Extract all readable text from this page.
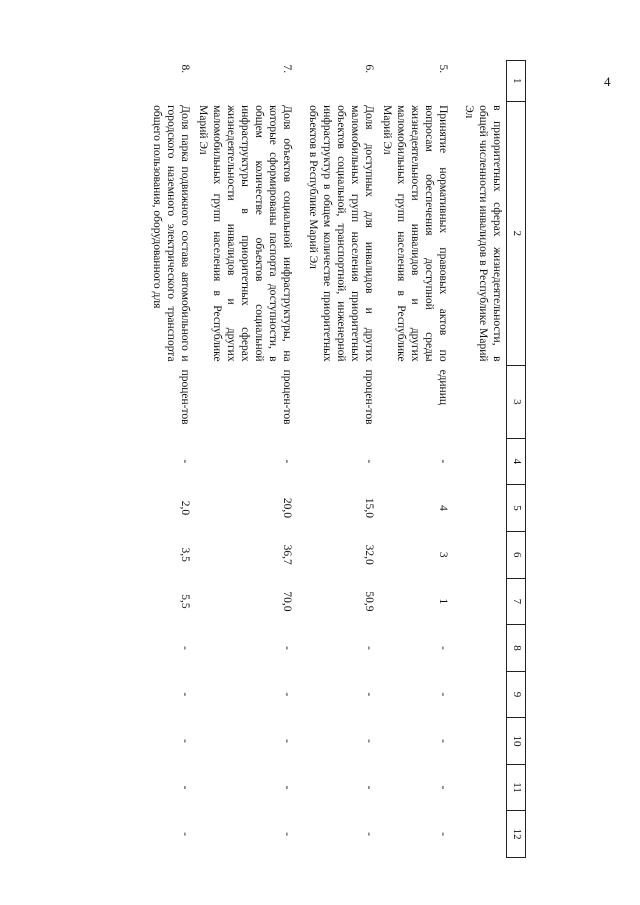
4
1	2	3	4	5	6	7	8	9	10	11	12
	в приоритетных сферах жизнедеятельности, в общей численности инвалидов в Республике Марий Эл										
5.	Принятие нормативных правовых актов по вопросам обеспечения доступной среды жизнедеятельности инвалидов и других маломобильных групп населения в Республике Марий Эл	единиц	-	4	3	1	-	-	-	-	-
6.	Доля доступных для инвалидов и других маломобильных групп населения приоритетных объектов социальной, транспортной, инженерной инфраструктур в общем количестве приоритетных объектов в Республике Марий Эл	процен-тов	-	15,0	32,0	50,9	-	-	-	-	-
7.	Доля объектов социальной инфраструктуры, на которые сформированы паспорта доступности, в общем количестве объектов социальной инфраструктуры в приоритетных сферах жизнедеятельности инвалидов и других маломобильных групп населения в Республике Марий Эл	процен-тов	-	20,0	36,7	70,0	-	-	-	-	-
8.	Доля парка подвижного состава автомобильного и городского наземного электрического транспорта общего пользования, оборудованного для	процен-тов	-	2,0	3,5	5,5	-	-	-	-	-
